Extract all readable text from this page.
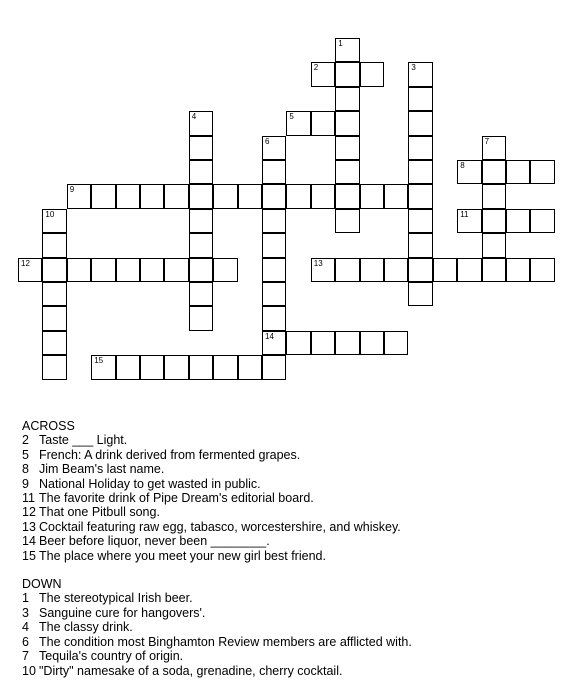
1
2	3
4	5
6	7
8
9
10	11
12	13
14
15
ACROSS
2 Taste ___ Light.
5 French: A drink derived from fermented grapes.
8 Jim Beam's last name.
9 National Holiday to get wasted in public.
11 The favorite drink of Pipe Dream's editorial board.
12 That one Pitbull song.
13 Cocktail featuring raw egg, tabasco, worcestershire, and whiskey.
14 Beer before liquor, never been ________.
15 The place where you meet your new girl best friend.
DOWN
1 The stereotypical Irish beer.
3 Sanguine cure for hangovers'.
4 The classy drink.
6 The condition most Binghamton Review members are afflicted with.
7 Tequila's country of origin.
10 "Dirty" namesake of a soda, grenadine, cherry cocktail.
